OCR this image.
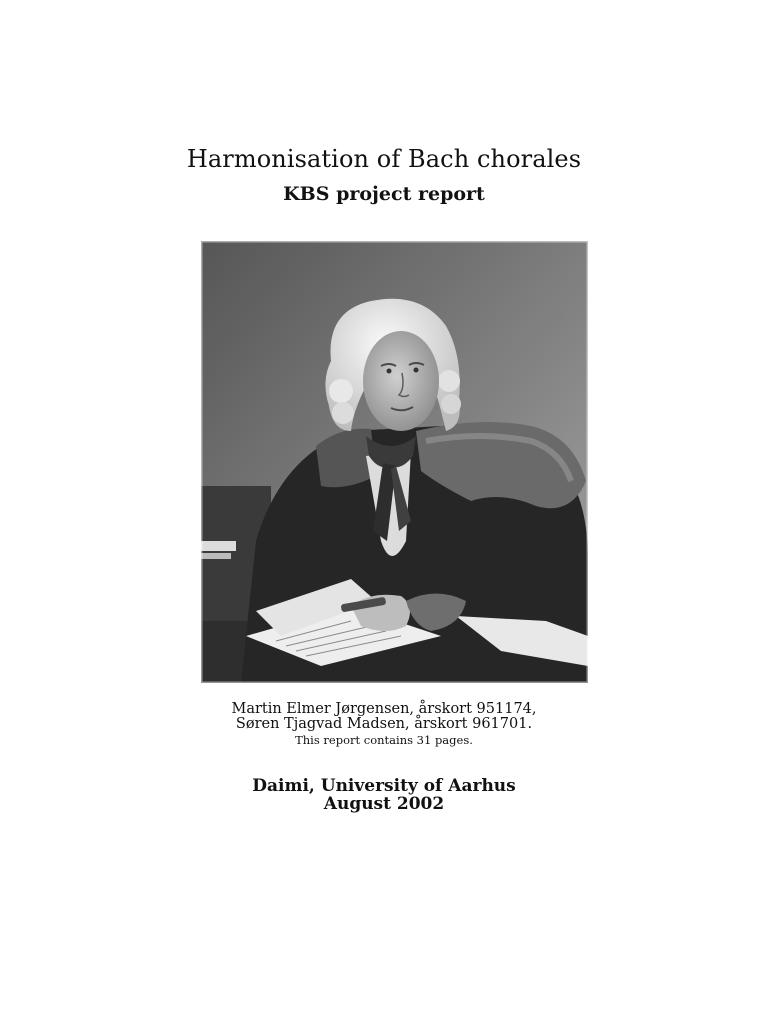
Harmonisation of Bach chorales
KBS project report
Martin Elmer Jørgensen, årskort 951174,
Søren Tjagvad Madsen, årskort 961701.
This report contains 31 pages.
Daimi, University of Aarhus
August 2002
